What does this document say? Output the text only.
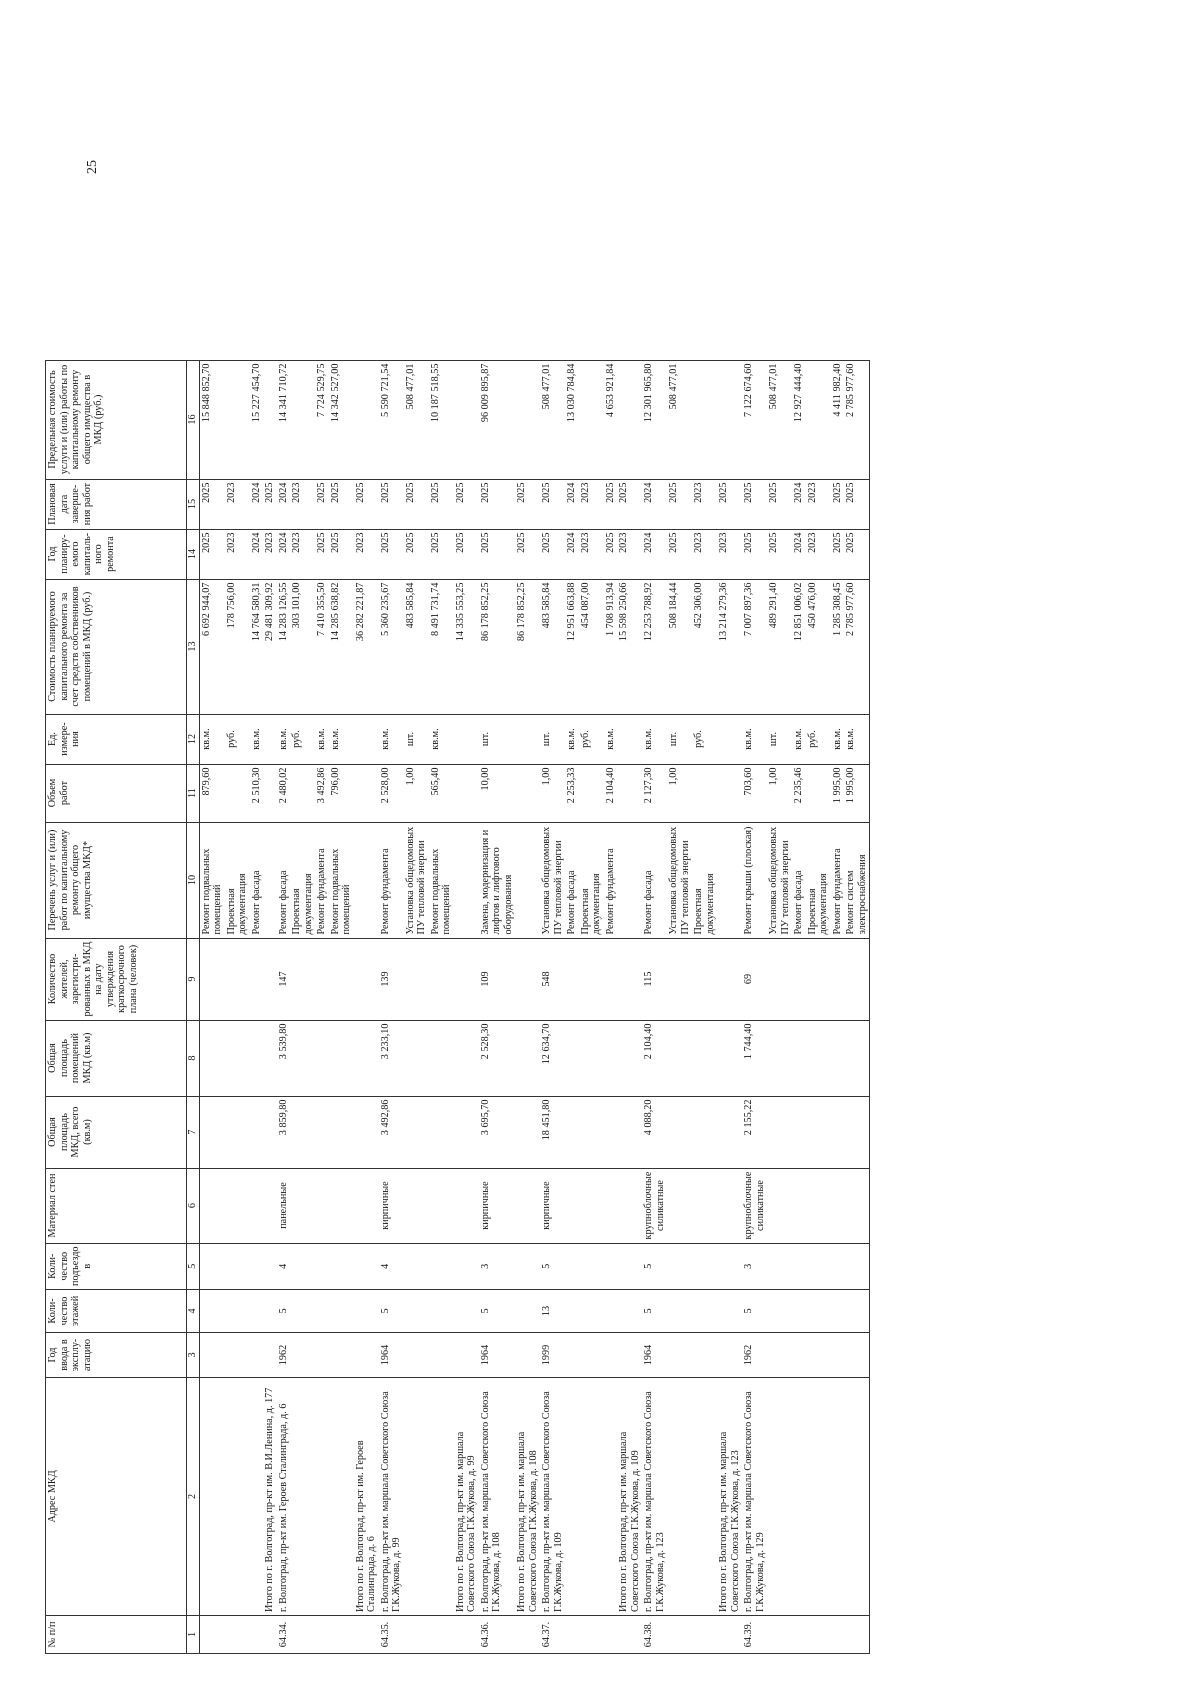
25
№ п/п	Адрес МКД	Год ввода в эксплу-атацию	Коли-чество этажей	Коли-чество подъездо в	Материал стен	Общая площадь МКД, всего (кв.м)	Общая площадь помещений МКД (кв.м)	Количество жителей, зарегистри-рованных в МКД на дату утверждения краткосрочного плана (человек)	Перечень услуг и (или) работ по капитальному ремонту общего имущества МКД*	Объем работ	Ед. измере-ния	Стоимость планируемого капитального ремонта за счет средств собственников помещений в МКД (руб.)	Год планиру-емого капиталь-ного ремонта	Плановая дата заверше-ния работ	Предельная стоимость услуги и (или) работы по капитальному ремонту общего имущества в МКД (руб.)
1	2	3	4	5	6	7	8	9	10	11	12	13	14	15	16
									Ремонт подвальных помещений	879,60	кв.м.	6 692 944,07	2025	2025	15 848 852,70
									Проектная документация		руб.	178 756,00	2023	2023	
									Ремонт фасада	2 510,30	кв.м.	14 764 580,31	2024	2024	15 227 454,70
	Итого по г. Волгоград, пр-кт им. В.И.Ленина, д. 177											29 481 309,92	2023	2025	
64.34.	г. Волгоград, пр-кт им. Героев Сталинграда, д. 6	1962	5	4	панельные	3 859,80	3 539,80	147	Ремонт фасада	2 480,02	кв.м.	14 283 126,55	2024	2024	14 341 710,72
									Проектная документация		руб.	303 101,00	2023	2023	
									Ремонт фундамента	3 492,86	кв.м.	7 410 355,50	2025	2025	7 724 529,75
									Ремонт подвальных помещений	796,00	кв.м.	14 285 638,82	2025	2025	14 342 527,00
	Итого по г. Волгоград, пр-кт им. Героев Сталинграда, д. 6											36 282 221,87	2023	2025	
64.35.	г. Волгоград, пр-кт им. маршала Советского Союза Г.К.Жукова, д. 99	1964	5	4	кирпичные	3 492,86	3 233,10	139	Ремонт фундамента	2 528,00	кв.м.	5 360 235,67	2025	2025	5 590 721,54
									Установка общедомовых ПУ тепловой энергии	1,00	шт.	483 585,84	2025	2025	508 477,01
									Ремонт подвальных помещений	565,40	кв.м.	8 491 731,74	2025	2025	10 187 518,55
	Итого по г. Волгоград, пр-кт им. маршала Советского Союза Г.К.Жукова, д. 99											14 335 553,25	2025	2025	
64.36.	г. Волгоград, пр-кт им. маршала Советского Союза Г.К.Жукова, д. 108	1964	5	3	кирпичные	3 695,70	2 528,30	109	Замена, модернизация и лифтов и лифтового оборудования	10,00	шт.	86 178 852,25	2025	2025	96 009 895,87
	Итого по г. Волгоград, пр-кт им. маршала Советского Союза Г.К.Жукова, д. 108											86 178 852,25	2025	2025	
64.37.	г. Волгоград, пр-кт им. маршала Советского Союза Г.К.Жукова, д. 109	1999	13	5	кирпичные	18 451,80	12 634,70	548	Установка общедомовых ПУ тепловой энергии	1,00	шт.	483 585,84	2025	2025	508 477,01
									Ремонт фасада	2 253,33	кв.м.	12 951 663,88	2024	2024	13 030 784,84
									Проектная документация		руб.	454 087,00	2023	2023	
									Ремонт фундамента	2 104,40	кв.м.	1 708 913,94	2025	2025	4 653 921,84
	Итого по г. Волгоград, пр-кт им. маршала Советского Союза Г.К.Жукова, д. 109											15 598 250,66	2023	2025	
64.38.	г. Волгоград, пр-кт им. маршала Советского Союза Г.К.Жукова, д. 123	1964	5	5	крупноблочные силикатные	4 088,20	2 104,40	115	Ремонт фасада	2 127,30	кв.м.	12 253 788,92	2024	2024	12 301 965,80
									Установка общедомовых ПУ тепловой энергии	1,00	шт.	508 184,44	2025	2025	508 477,01
									Проектная документация		руб.	452 306,00	2023	2023	
	Итого по г. Волгоград, пр-кт им. маршала Советского Союза Г.К.Жукова, д. 123											13 214 279,36	2023	2025	
64.39.	г. Волгоград, пр-кт им. маршала Советского Союза Г.К.Жукова, д. 129	1962	5	3	крупноблочные силикатные	2 155,22	1 744,40	69	Ремонт крыши (плоская)	703,60	кв.м.	7 007 897,36	2025	2025	7 122 674,60
									Установка общедомовых ПУ тепловой энергии	1,00	шт.	489 291,40	2025	2025	508 477,01
									Ремонт фасада	2 235,46	кв.м.	12 851 006,02	2024	2024	12 927 444,40
									Проектная документация		руб.	450 476,00	2023	2023	
									Ремонт фундамента	1 995,00	кв.м.	1 285 308,45	2025	2025	4 411 982,40
									Ремонт систем электроснабжения	1 995,00	кв.м.	2 785 977,60	2025	2025	2 785 977,60
